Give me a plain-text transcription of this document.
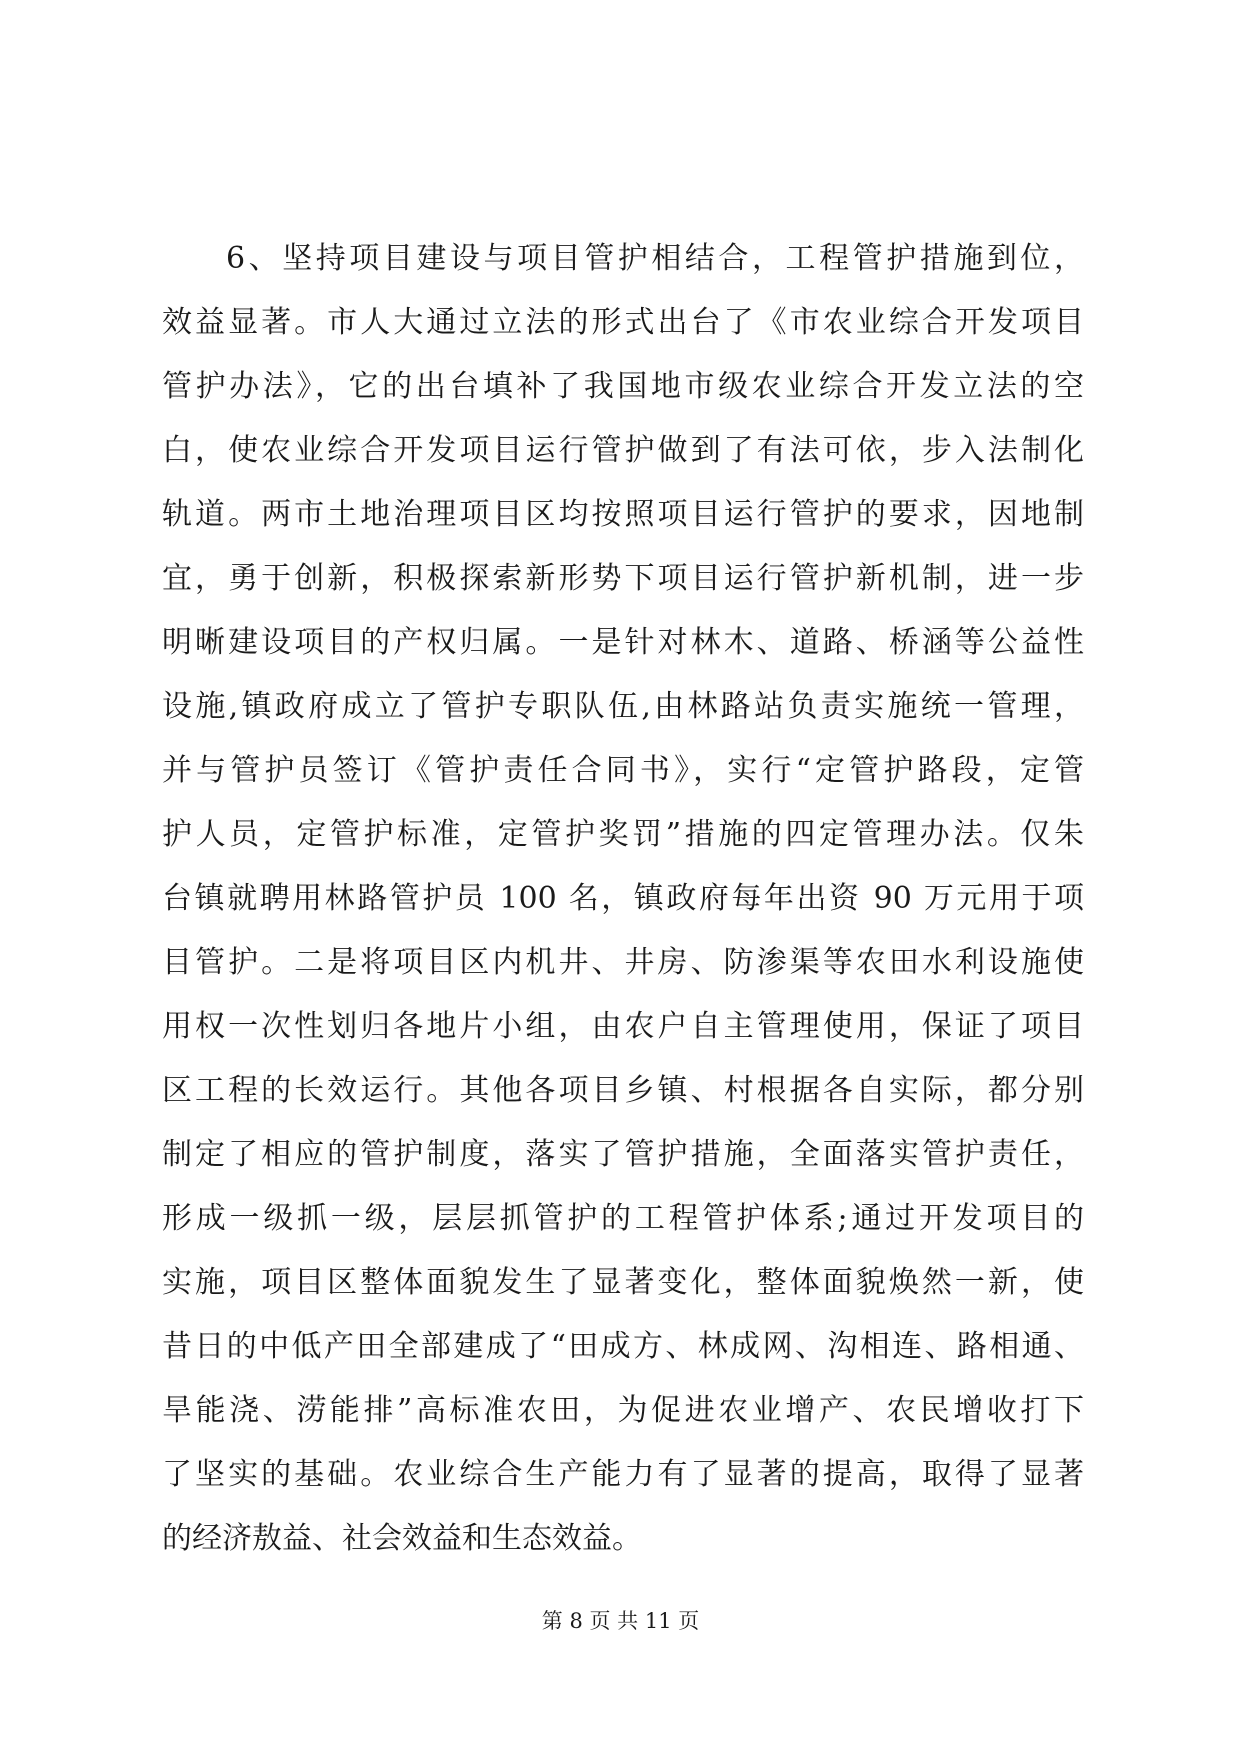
6、坚持项目建设与项目管护相结合，工程管护措施到位，
效益显著。市人大通过立法的形式出台了《市农业综合开发项目
管护办法》，它的出台填补了我国地市级农业综合开发立法的空
白，使农业综合开发项目运行管护做到了有法可依，步入法制化
轨道。两市土地治理项目区均按照项目运行管护的要求，因地制
宜，勇于创新，积极探索新形势下项目运行管护新机制，进一步
明晰建设项目的产权归属。一是针对林木、道路、桥涵等公益性
设施,镇政府成立了管护专职队伍,由林路站负责实施统一管理，
并与管护员签订《管护责任合同书》，实行“定管护路段，定管
护人员，定管护标准，定管护奖罚”措施的四定管理办法。仅朱
台镇就聘用林路管护员 100 名，镇政府每年出资 90 万元用于项
目管护。二是将项目区内机井、井房、防渗渠等农田水利设施使
用权一次性划归各地片小组，由农户自主管理使用，保证了项目
区工程的长效运行。其他各项目乡镇、村根据各自实际，都分别
制定了相应的管护制度，落实了管护措施，全面落实管护责任，
形成一级抓一级，层层抓管护的工程管护体系;通过开发项目的
实施，项目区整体面貌发生了显著变化，整体面貌焕然一新，使
昔日的中低产田全部建成了“田成方、林成网、沟相连、路相通、
旱能浇、涝能排”高标准农田，为促进农业增产、农民增收打下
了坚实的基础。农业综合生产能力有了显著的提高，取得了显著
的经济敖益、社会效益和生态效益。
第 8 页 共 11 页
